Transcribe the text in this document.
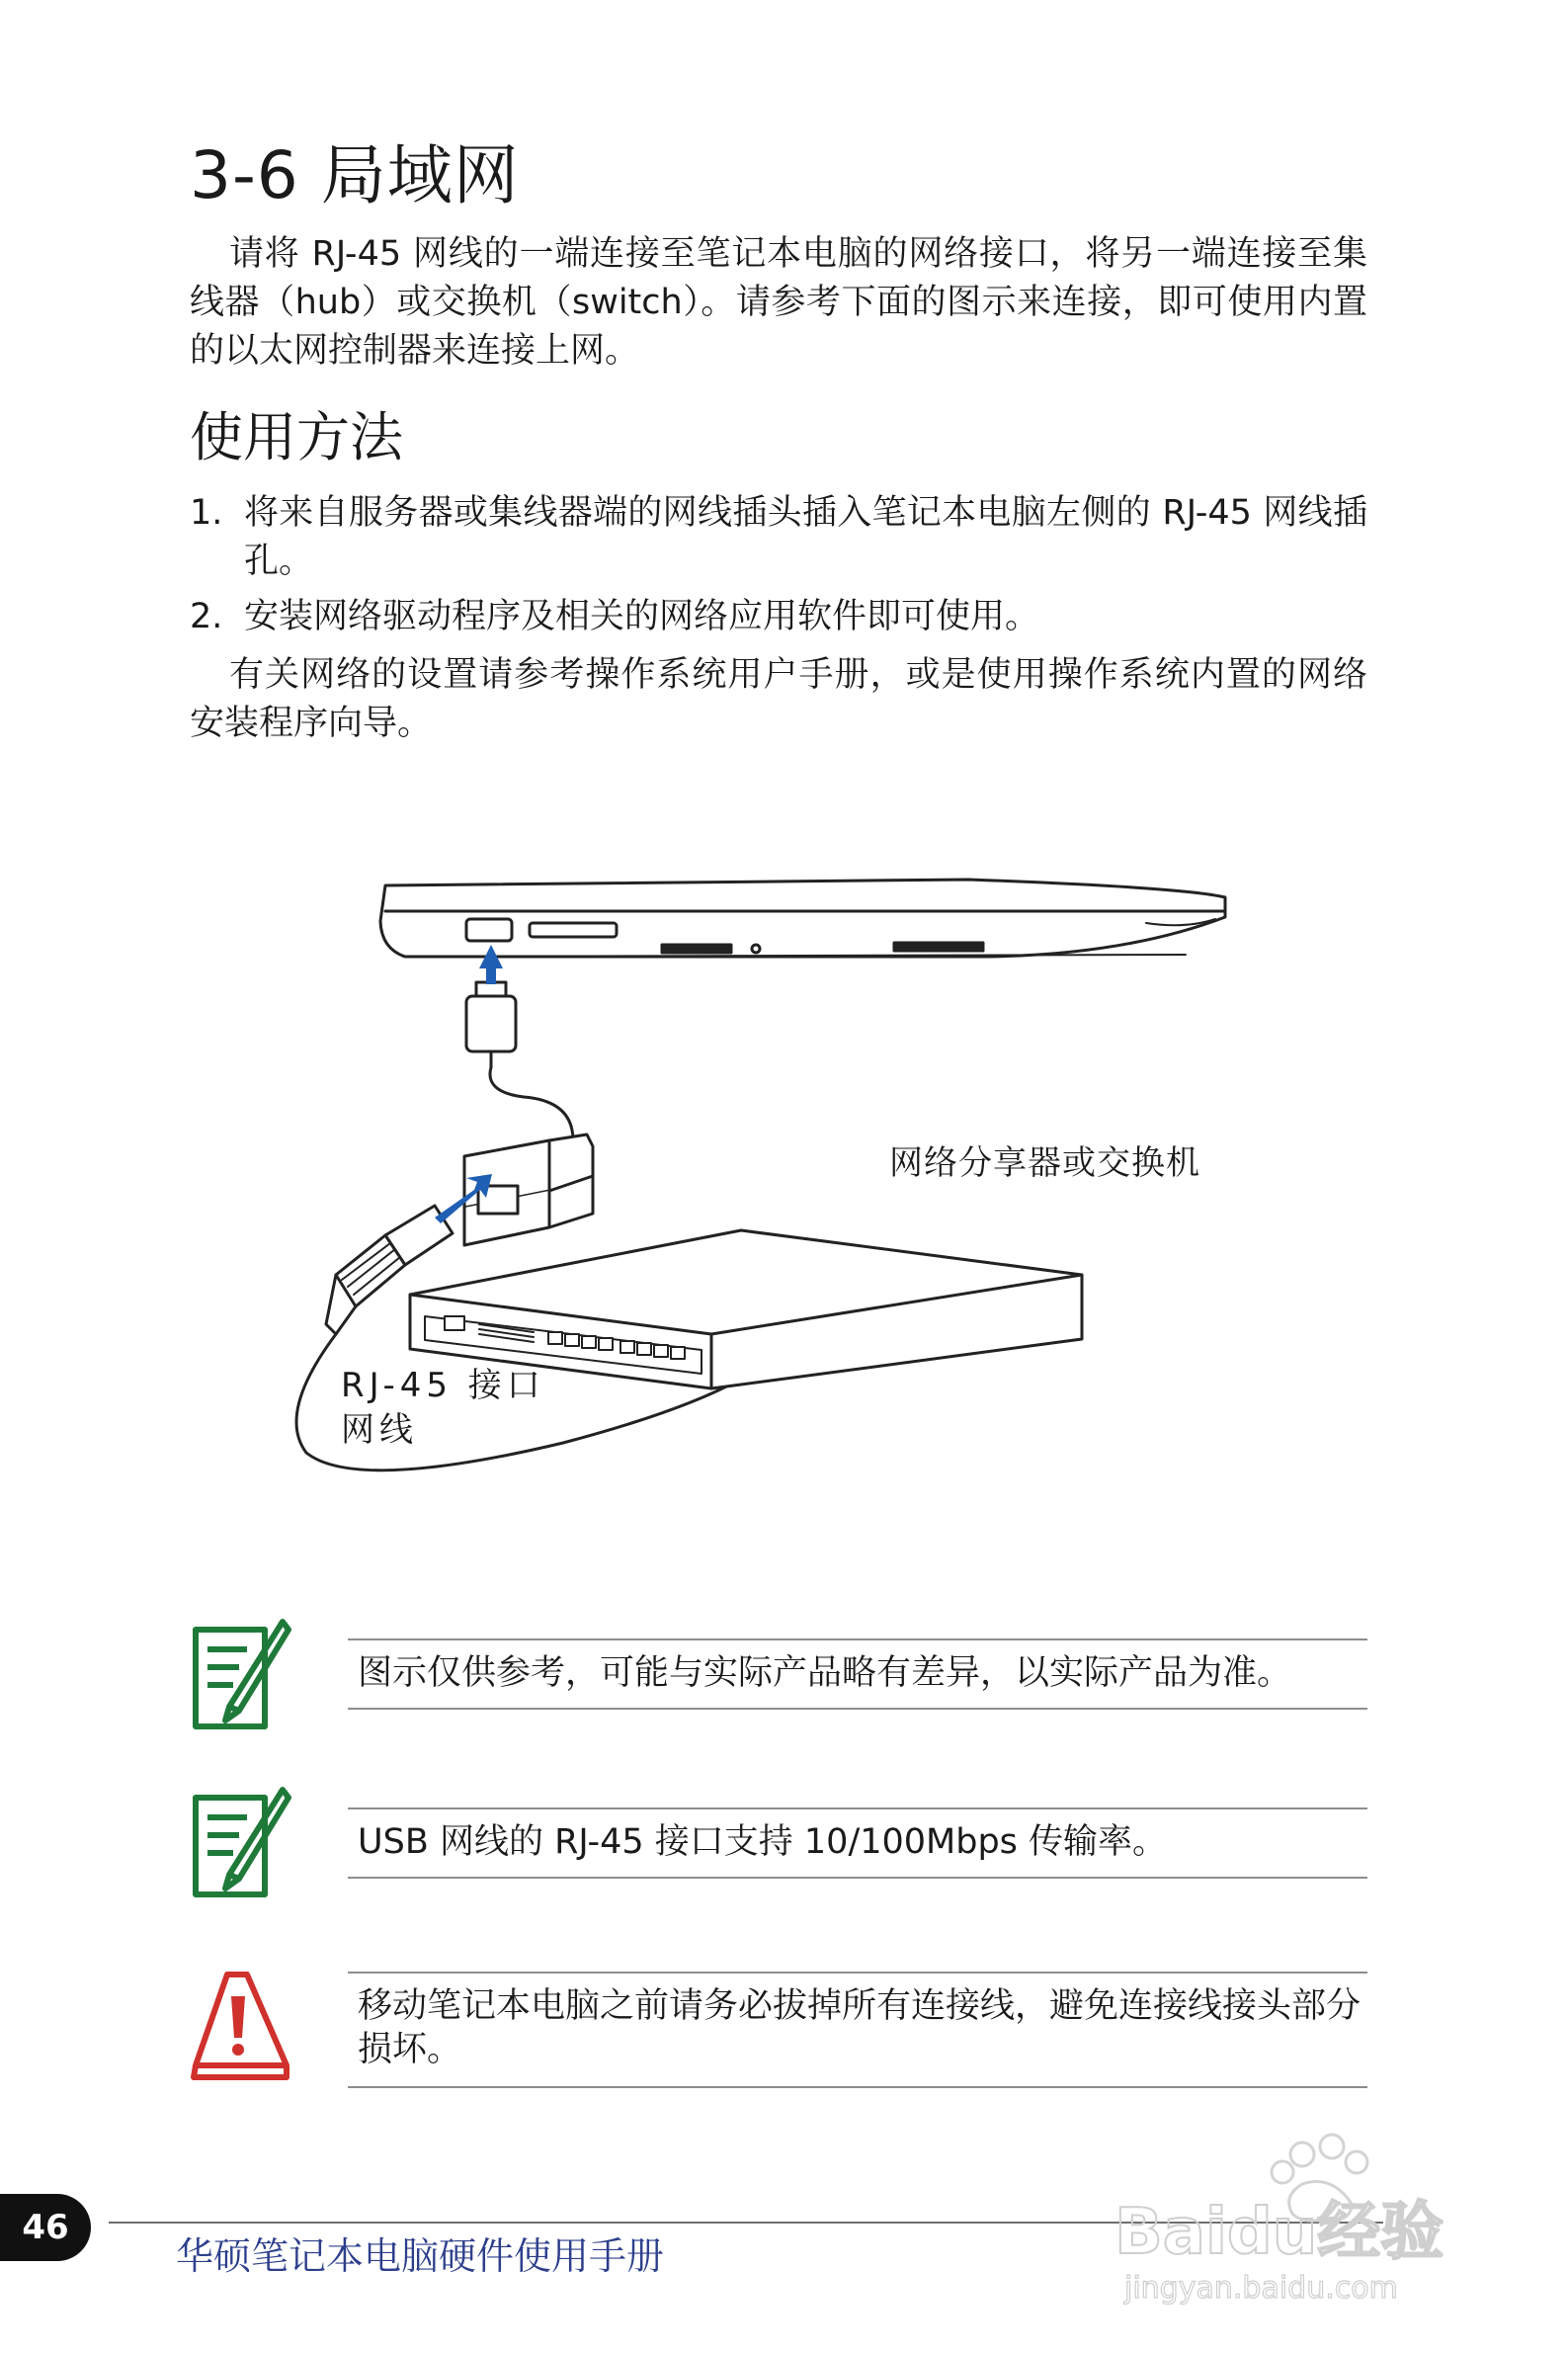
3-6 局域网
请将 RJ-45 网线的一端连接至笔记本电脑的网络接口，将另一端连接至集线器（hub）或交换机（switch）。请参考下面的图示来连接，即可使用内置的以太网控制器来连接上网。
使用方法
1. 将来自服务器或集线器端的网线插头插入笔记本电脑左侧的 RJ-45 网线插孔。
2. 安装网络驱动程序及相关的网络应用软件即可使用。
有关网络的设置请参考操作系统用户手册，或是使用操作系统内置的网络安装程序向导。
网络分享器或交换机
RJ-45 接口
网线
图示仅供参考，可能与实际产品略有差异，以实际产品为准。
USB 网线的 RJ-45 接口支持 10/100Mbps 传输率。
移动笔记本电脑之前请务必拔掉所有连接线，避免连接线接头部分损坏。
46
华硕笔记本电脑硬件使用手册	Baidu经验
jingyan.baidu.com
